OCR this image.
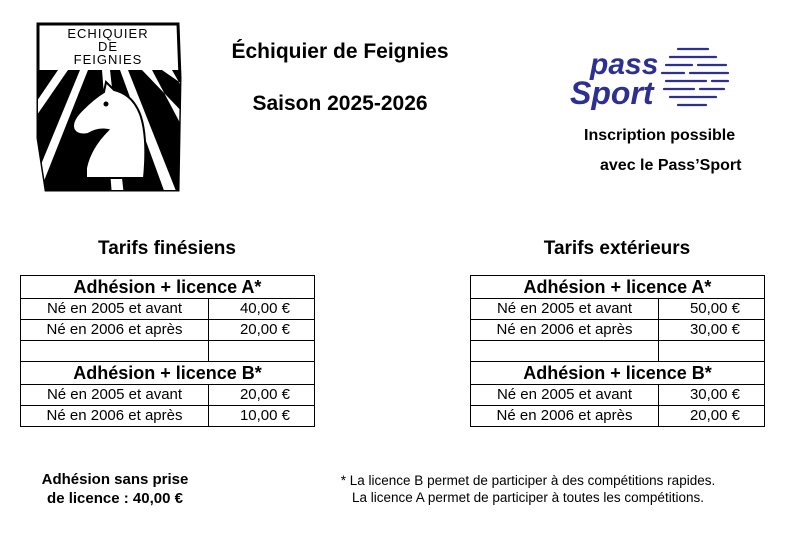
ECHIQUIER
DE
FEIGNIES	Échiquier de Feignies
Saison 2025-2026
pass
Sport
Inscription possible
avec le Pass’Sport
Tarifs finésiens
Adhésion + licence A*	
Né en 2005 et avant	40,00 €
Né en 2006 et après	20,00 €

Adhésion + licence B*	
Né en 2005 et avant	20,00 €
Né en 2006 et après	10,00 €
Tarifs extérieurs
Adhésion + licence A*	
Né en 2005 et avant	50,00 €
Né en 2006 et après	30,00 €

Adhésion + licence B*	
Né en 2005 et avant	30,00 €
Né en 2006 et après	20,00 €
Adhésion sans prise
de licence : 40,00 €
* La licence B permet de participer à des compétitions rapides.
La licence A permet de participer à toutes les compétitions.
